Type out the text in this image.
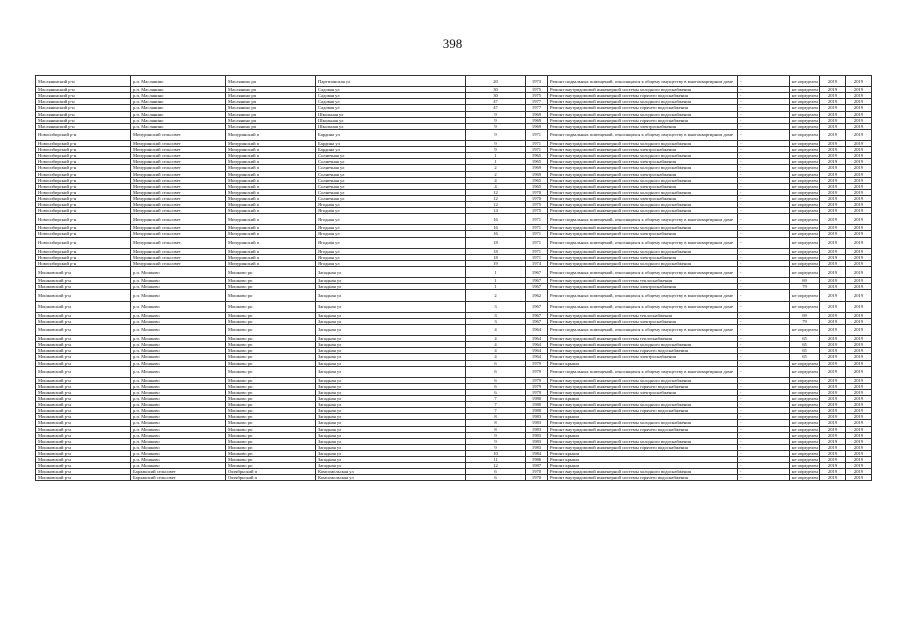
398
Маслянинский р-н	р.п. Маслянино	Маслянино рп	Партизанская ул	20	1973	Ремонт подвальных помещений, относящихся к общему имуществу в многоквартирном доме	-	не определен	2019	2019
Маслянинский р-н	р.п. Маслянино	Маслянино рп	Садовая ул	30	1975	Ремонт внутридомовой инженерной системы холодного водоснабжения	-	не определен	2019	2019
Маслянинский р-н	р.п. Маслянино	Маслянино рп	Садовая ул	30	1975	Ремонт внутридомовой инженерной системы горячего водоснабжения	-	не определен	2019	2019
Маслянинский р-н	р.п. Маслянино	Маслянино рп	Садовая ул	47	1977	Ремонт внутридомовой инженерной системы холодного водоснабжения	-	не определен	2019	2019
Маслянинский р-н	р.п. Маслянино	Маслянино рп	Садовая ул	47	1977	Ремонт внутридомовой инженерной системы горячего водоснабжения	-	не определен	2019	2019
Маслянинский р-н	р.п. Маслянино	Маслянино рп	Школьная ул	9	1969	Ремонт внутридомовой инженерной системы холодного водоснабжения	-	не определен	2019	2019
Маслянинский р-н	р.п. Маслянино	Маслянино рп	Школьная ул	9	1969	Ремонт внутридомовой инженерной системы горячего водоснабжения	-	не определен	2019	2019
Маслянинский р-н	р.п. Маслянино	Маслянино рп	Школьная ул	9	1969	Ремонт внутридомовой инженерной системы электроснабжения	-	не определен	2019	2019
Новосибирский р-н	Мичуринский сельсовет	Мичуринский п	Бардина ул	9	1971	Ремонт подвальных помещений, относящихся к общему имуществу в многоквартирном доме	-	не определен	2019	2019
Новосибирский р-н	Мичуринский сельсовет	Мичуринский п	Бардина ул	9	1971	Ремонт внутридомовой инженерной системы холодного водоснабжения	-	не определен	2019	2019
Новосибирский р-н	Мичуринский сельсовет	Мичуринский п	Бардина ул	9	1971	Ремонт внутридомовой инженерной системы электроснабжения	-	не определен	2019	2019
Новосибирский р-н	Мичуринский сельсовет	Мичуринский п	Солнечная ул	1	1965	Ремонт внутридомовой инженерной системы холодного водоснабжения	-	не определен	2019	2019
Новосибирский р-н	Мичуринский сельсовет	Мичуринский п	Солнечная ул	1	1965	Ремонт внутридомовой инженерной системы электроснабжения	-	не определен	2019	2019
Новосибирский р-н	Мичуринский сельсовет	Мичуринский п	Солнечная ул	2	1969	Ремонт внутридомовой инженерной системы холодного водоснабжения	-	не определен	2019	2019
Новосибирский р-н	Мичуринский сельсовет	Мичуринский п	Солнечная ул	2	1969	Ремонт внутридомовой инженерной системы электроснабжения	-	не определен	2019	2019
Новосибирский р-н	Мичуринский сельсовет	Мичуринский п	Солнечная ул	4	1965	Ремонт внутридомовой инженерной системы холодного водоснабжения	-	не определен	2019	2019
Новосибирский р-н	Мичуринский сельсовет	Мичуринский п	Солнечная ул	4	1965	Ремонт внутридомовой инженерной системы электроснабжения	-	не определен	2019	2019
Новосибирский р-н	Мичуринский сельсовет	Мичуринский п	Солнечная ул	12	1970	Ремонт внутридомовой инженерной системы холодного водоснабжения	-	не определен	2019	2019
Новосибирский р-н	Мичуринский сельсовет	Мичуринский п	Солнечная ул	12	1970	Ремонт внутридомовой инженерной системы электроснабжения	-	не определен	2019	2019
Новосибирский р-н	Мичуринский сельсовет	Мичуринский п	Ягодная ул	12	1975	Ремонт внутридомовой инженерной системы холодного водоснабжения	-	не определен	2019	2019
Новосибирский р-н	Мичуринский сельсовет	Мичуринский п	Ягодная ул	14	1975	Ремонт внутридомовой инженерной системы холодного водоснабжения	-	не определен	2019	2019
Новосибирский р-н	Мичуринский сельсовет	Мичуринский п	Ягодная ул	16	1971	Ремонт подвальных помещений, относящихся к общему имуществу в многоквартирном доме	-	не определен	2019	2019
Новосибирский р-н	Мичуринский сельсовет	Мичуринский п	Ягодная ул	16	1971	Ремонт внутридомовой инженерной системы холодного водоснабжения	-	не определен	2019	2019
Новосибирский р-н	Мичуринский сельсовет	Мичуринский п	Ягодная ул	16	1971	Ремонт внутридомовой инженерной системы электроснабжения	-	не определен	2019	2019
Новосибирский р-н	Мичуринский сельсовет	Мичуринский п	Ягодная ул	18	1971	Ремонт подвальных помещений, относящихся к общему имуществу в многоквартирном доме	-	не определен	2019	2019
Новосибирский р-н	Мичуринский сельсовет	Мичуринский п	Ягодная ул	18	1971	Ремонт внутридомовой инженерной системы холодного водоснабжения	-	не определен	2019	2019
Новосибирский р-н	Мичуринский сельсовет	Мичуринский п	Ягодная ул	18	1971	Ремонт внутридомовой инженерной системы электроснабжения	-	не определен	2019	2019
Новосибирский р-н	Мичуринский сельсовет	Мичуринский п	Ягодная ул	19	1974	Ремонт внутридомовой инженерной системы холодного водоснабжения	-	не определен	2019	2019
Мошковский р-н	р.п. Мошково	Мошково рп	Западная ул	1	1967	Ремонт подвальных помещений, относящихся к общему имуществу в многоквартирном доме	-	не определен	2019	2019
Мошковский р-н	р.п. Мошково	Мошково рп	Западная ул	1	1967	Ремонт внутридомовой инженерной системы теплоснабжения	-	69	2019	2019
Мошковский р-н	р.п. Мошково	Мошково рп	Западная ул	1	1967	Ремонт внутридомовой инженерной системы электроснабжения	-	79	2019	2019
Мошковский р-н	р.п. Мошково	Мошково рп	Западная ул	2	1962	Ремонт подвальных помещений, относящихся к общему имуществу в многоквартирном доме	-	не определен	2019	2019
Мошковский р-н	р.п. Мошково	Мошково рп	Западная ул	3	1967	Ремонт подвальных помещений, относящихся к общему имуществу в многоквартирном доме	-	не определен	2019	2019
Мошковский р-н	р.п. Мошково	Мошково рп	Западная ул	3	1967	Ремонт внутридомовой инженерной системы теплоснабжения	-	69	2019	2019
Мошковский р-н	р.п. Мошково	Мошково рп	Западная ул	3	1967	Ремонт внутридомовой инженерной системы электроснабжения	-	79	2019	2019
Мошковский р-н	р.п. Мошково	Мошково рп	Западная ул	4	1964	Ремонт подвальных помещений, относящихся к общему имуществу в многоквартирном доме	-	не определен	2019	2019
Мошковский р-н	р.п. Мошково	Мошково рп	Западная ул	4	1964	Ремонт внутридомовой инженерной системы теплоснабжения	-	65	2019	2019
Мошковский р-н	р.п. Мошково	Мошково рп	Западная ул	4	1964	Ремонт внутридомовой инженерной системы холодного водоснабжения	-	65	2019	2019
Мошковский р-н	р.п. Мошково	Мошково рп	Западная ул	4	1964	Ремонт внутридомовой инженерной системы горячего водоснабжения	-	65	2019	2019
Мошковский р-н	р.п. Мошково	Мошково рп	Западная ул	4	1964	Ремонт внутридомовой инженерной системы электроснабжения	-	65	2019	2019
Мошковский р-н	р.п. Мошково	Мошково рп	Западная ул	6	1979	Ремонт крыши	-	не определен	2019	2019
Мошковский р-н	р.п. Мошково	Мошково рп	Западная ул	6	1979	Ремонт подвальных помещений, относящихся к общему имуществу в многоквартирном доме	-	не определен	2019	2019
Мошковский р-н	р.п. Мошково	Мошково рп	Западная ул	6	1979	Ремонт внутридомовой инженерной системы холодного водоснабжения	-	не определен	2019	2019
Мошковский р-н	р.п. Мошково	Мошково рп	Западная ул	6	1979	Ремонт внутридомовой инженерной системы горячего водоснабжения	-	не определен	2019	2019
Мошковский р-н	р.п. Мошково	Мошково рп	Западная ул	6	1979	Ремонт внутридомовой инженерной системы электроснабжения	-	не определен	2019	2019
Мошковский р-н	р.п. Мошково	Мошково рп	Западная ул	7	1980	Ремонт крыши	-	не определен	2019	2019
Мошковский р-н	р.п. Мошково	Мошково рп	Западная ул	7	1980	Ремонт внутридомовой инженерной системы холодного водоснабжения	-	не определен	2019	2019
Мошковский р-н	р.п. Мошково	Мошково рп	Западная ул	7	1980	Ремонт внутридомовой инженерной системы горячего водоснабжения	-	не определен	2019	2019
Мошковский р-н	р.п. Мошково	Мошково рп	Западная ул	8	1983	Ремонт крыши	-	не определен	2019	2019
Мошковский р-н	р.п. Мошково	Мошково рп	Западная ул	8	1983	Ремонт внутридомовой инженерной системы холодного водоснабжения	-	не определен	2019	2019
Мошковский р-н	р.п. Мошково	Мошково рп	Западная ул	8	1983	Ремонт внутридомовой инженерной системы горячего водоснабжения	-	не определен	2019	2019
Мошковский р-н	р.п. Мошково	Мошково рп	Западная ул	9	1983	Ремонт крыши	-	не определен	2019	2019
Мошковский р-н	р.п. Мошково	Мошково рп	Западная ул	9	1983	Ремонт внутридомовой инженерной системы холодного водоснабжения	-	не определен	2019	2019
Мошковский р-н	р.п. Мошково	Мошково рп	Западная ул	9	1983	Ремонт внутридомовой инженерной системы горячего водоснабжения	-	не определен	2019	2019
Мошковский р-н	р.п. Мошково	Мошково рп	Западная ул	10	1984	Ремонт крыши	-	не определен	2019	2019
Мошковский р-н	р.п. Мошково	Мошково рп	Западная ул	11	1986	Ремонт крыши	-	не определен	2019	2019
Мошковский р-н	р.п. Мошково	Мошково рп	Западная ул	12	1987	Ремонт крыши	-	не определен	2019	2019
Мошковский р-н	Барлакский сельсовет	Октябрьский п	Комсомольская ул	6	1970	Ремонт внутридомовой инженерной системы холодного водоснабжения	-	не определен	2019	2019
Мошковский р-н	Барлакский сельсовет	Октябрьский п	Комсомольская ул	6	1970	Ремонт внутридомовой инженерной системы горячего водоснабжения	-	не определен	2019	2019
